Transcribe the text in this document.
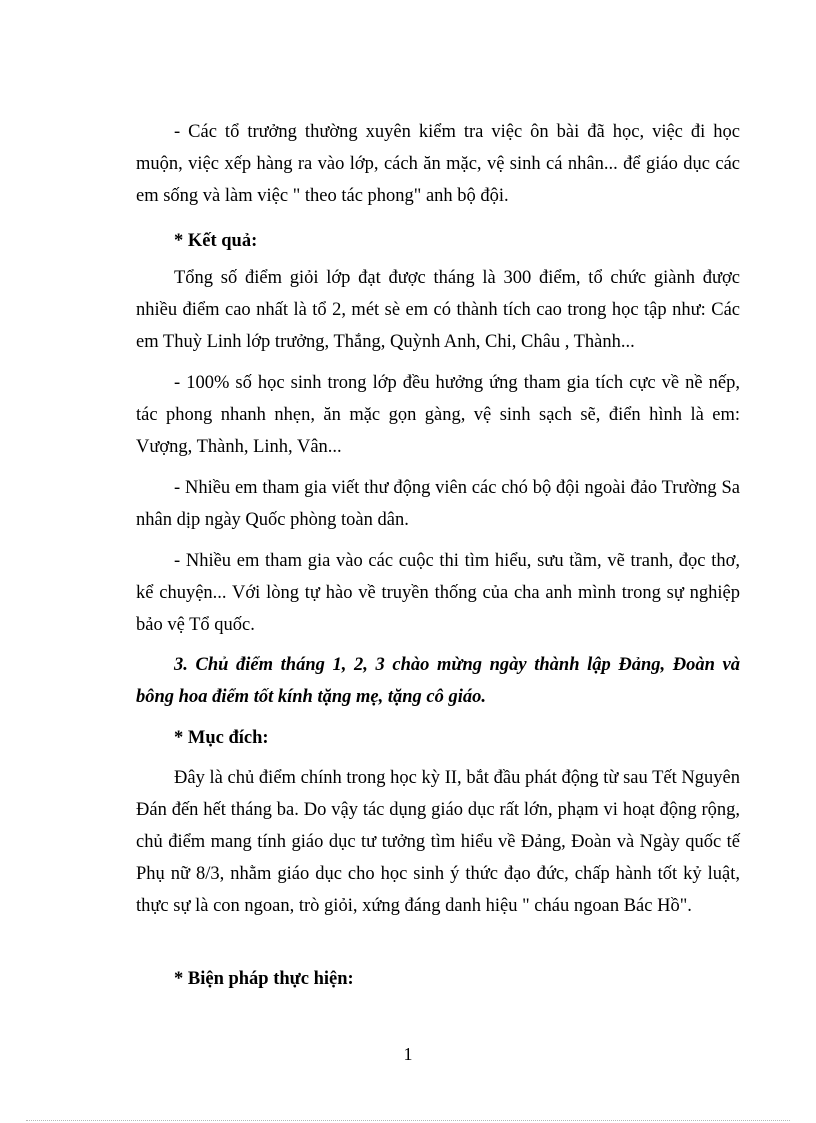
- Các tổ trưởng thường xuyên kiểm tra việc ôn bài đã học, việc đi học muộn, việc xếp hàng ra vào lớp, cách ăn mặc, vệ sinh cá nhân... để giáo dục các em sống và làm việc " theo tác phong" anh bộ đội.

* Kết quả:

Tổng số điểm giỏi lớp đạt được tháng là 300 điểm, tổ chức giành được nhiều điểm cao nhất là tổ 2, mét sè em có thành tích cao trong học tập như: Các em Thuỳ Linh lớp trưởng, Thắng, Quỳnh Anh, Chi, Châu , Thành...

- 100% số học sinh trong lớp đều hưởng ứng tham gia tích cực về nề nếp, tác phong nhanh nhẹn, ăn mặc gọn gàng, vệ sinh sạch sẽ, điển hình là em: Vượng, Thành, Linh, Vân...

- Nhiều em tham gia viết thư động viên các chó bộ đội ngoài đảo Trường Sa nhân dịp ngày Quốc phòng toàn dân.

- Nhiều em tham gia vào các cuộc thi tìm hiểu, sưu tầm, vẽ tranh, đọc thơ, kể chuyện... Với lòng tự hào về truyền thống của cha anh mình trong sự nghiệp bảo vệ Tổ quốc.

3. Chủ điểm tháng 1, 2, 3 chào mừng ngày thành lập Đảng, Đoàn và bông hoa điểm tốt kính tặng mẹ, tặng cô giáo.

* Mục đích:

Đây là chủ điểm chính trong học kỳ II, bắt đầu phát động từ sau Tết Nguyên Đán đến hết tháng ba. Do vậy tác dụng giáo dục rất lớn, phạm vi hoạt động rộng, chủ điểm mang tính giáo dục tư tưởng tìm hiểu về Đảng, Đoàn và Ngày quốc tế Phụ nữ 8/3, nhằm giáo dục cho học sinh ý thức đạo đức, chấp hành tốt kỷ luật, thực sự là con ngoan, trò giỏi, xứng đáng danh hiệu " cháu ngoan Bác Hồ".

* Biện pháp thực hiện:

1
